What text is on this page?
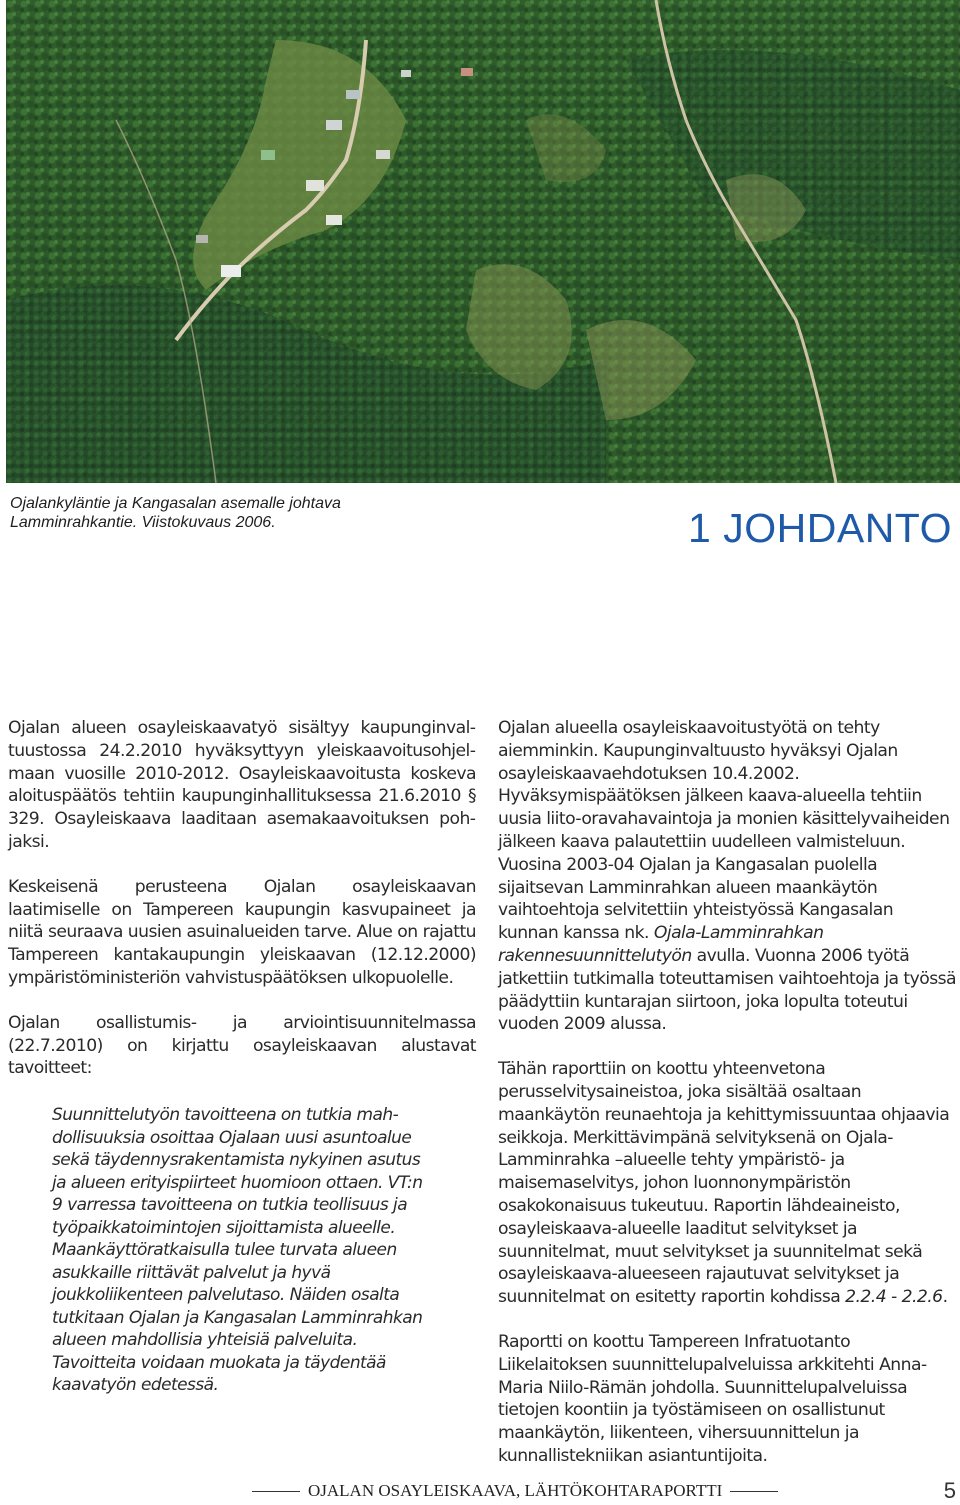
Ojalankyläntie ja Kangasalan asemalle johtava
Lamminrahkantie. Viistokuvaus 2006.	1 JOHDANTO

Ojalan alueen osayleiskaavatyö sisältyy kaupunginvaltuustossa 24.2.2010 hyväksyttyyn yleiskaavoitusohjelmaan vuosille 2010-2012. Osayleiskaavoitusta koskeva aloituspäätös tehtiin kaupunginhallituksessa 21.6.2010 § 329. Osayleiskaava laaditaan asemakaavoituksen pohjaksi.

Keskeisenä perusteena Ojalan osayleiskaavan laatimiselle on Tampereen kaupungin kasvupaineet ja niitä seuraava uusien asuinalueiden tarve. Alue on rajattu Tampereen kantakaupungin yleiskaavan (12.12.2000) ympäristöministeriön vahvistuspäätöksen ulkopuolelle.

Ojalan osallistumis- ja arviointisuunnitelmassa (22.7.2010) on kirjattu osayleiskaavan alustavat tavoitteet:

Suunnittelutyön tavoitteena on tutkia mahdollisuuksia osoittaa Ojalaan uusi asuntoalue sekä täydennysrakentamista nykyinen asutus ja alueen erityispiirteet huomioon ottaen. VT:n 9 varressa tavoitteena on tutkia teollisuus ja työpaikkatoimintojen sijoittamista alueelle. Maankäyttöratkaisulla tulee turvata alueen asukkaille riittävät palvelut ja hyvä joukkoliikenteen palvelutaso. Näiden osalta tutkitaan Ojalan ja Kangasalan Lamminrahkan alueen mahdollisia yhteisiä palveluita. Tavoitteita voidaan muokata ja täydentää kaavatyön edetessä.

Ojalan alueella osayleiskaavoitustyötä on tehty aiemminkin. Kaupunginvaltuusto hyväksyi Ojalan osayleiskaavaehdotuksen 10.4.2002. Hyväksymispäätöksen jälkeen kaava-alueella tehtiin uusia liito-oravahavaintoja ja monien käsittelyvaiheiden jälkeen kaava palautettiin uudelleen valmisteluun. Vuosina 2003-04 Ojalan ja Kangasalan puolella sijaitsevan Lamminrahkan alueen maankäytön vaihtoehtoja selvitettiin yhteistyössä Kangasalan kunnan kanssa nk. Ojala-Lamminrahkan rakennesuunnittelutyön avulla. Vuonna 2006 työtä jatkettiin tutkimalla toteuttamisen vaihtoehtoja ja työssä päädyttiin kuntarajan siirtoon, joka lopulta toteutui vuoden 2009 alussa.

Tähän raporttiin on koottu yhteenvetona perusselvitysaineistoa, joka sisältää osaltaan maankäytön reunaehtoja ja kehittymissuuntaa ohjaavia seikkoja. Merkittävimpänä selvityksenä on Ojala-Lamminrahka –alueelle tehty ympäristö- ja maisemaselvitys, johon luonnonympäristön osakokonaisuus tukeutuu. Raportin lähdeaineisto, osayleiskaava-alueelle laaditut selvitykset ja suunnitelmat, muut selvitykset ja suunnitelmat sekä osayleiskaava-alueeseen rajautuvat selvitykset ja suunnitelmat on esitetty raportin kohdissa 2.2.4 - 2.2.6.

Raportti on koottu Tampereen Infratuotanto Liikelaitoksen suunnittelupalveluissa arkkitehti Anna-Maria Niilo-Rämän johdolla. Suunnittelupalveluissa tietojen koontiin ja työstämiseen on osallistunut maankäytön, liikenteen, vihersuunnittelun ja kunnallistekniikan asiantuntijoita.

OJALAN OSAYLEISKAAVA, LÄHTÖKOHTARAPORTTI	5
